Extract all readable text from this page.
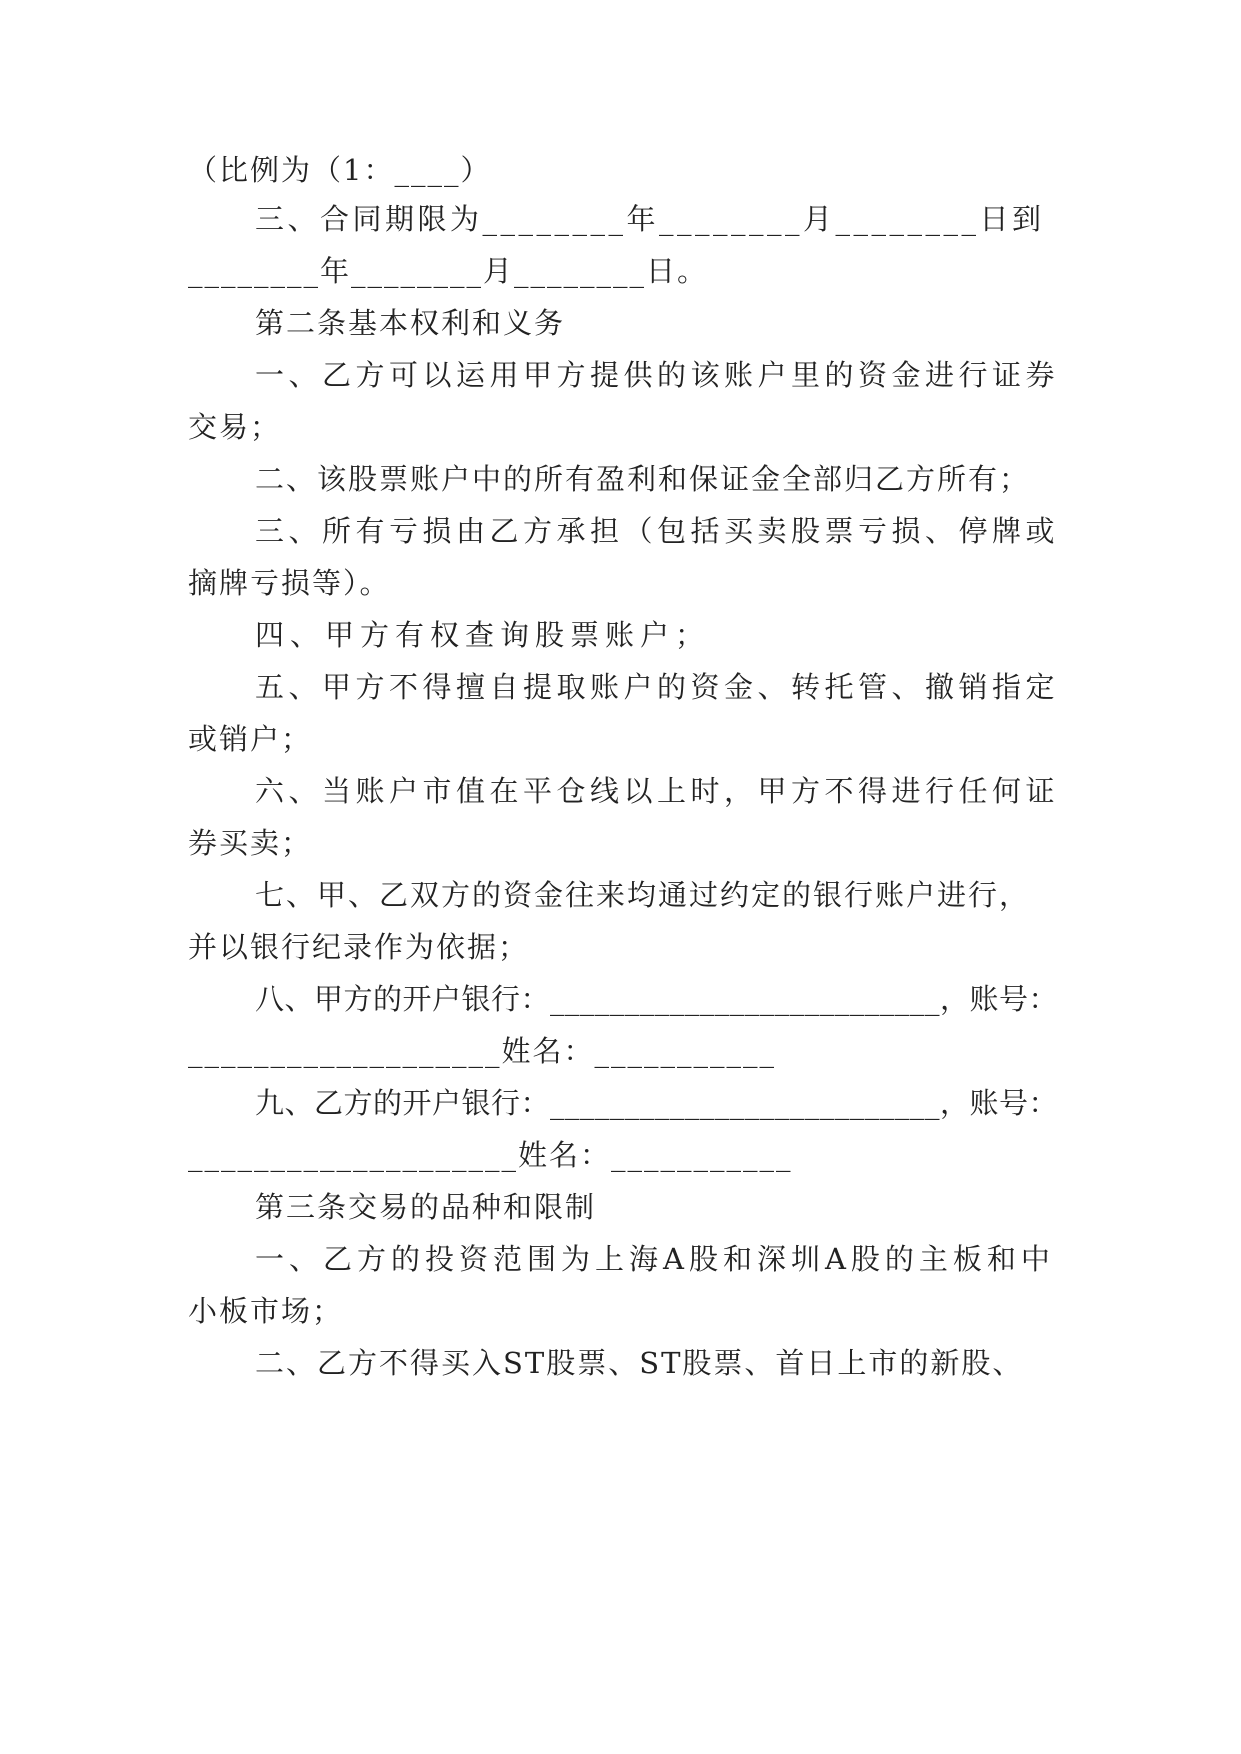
（比例为（1：____）
三、合同期限为________年________月________日到
________年________月________日。
第二条基本权利和义务
一、乙方可以运用甲方提供的该账户里的资金进行证券
交易；
二、该股票账户中的所有盈利和保证金全部归乙方所有；
三、所有亏损由乙方承担（包括买卖股票亏损、停牌或
摘牌亏损等）。
四、甲方有权查询股票账户；
五、甲方不得擅自提取账户的资金、转托管、撤销指定
或销户；
六、当账户市值在平仓线以上时，甲方不得进行任何证
券买卖；
七、甲、乙双方的资金往来均通过约定的银行账户进行，
并以银行纪录作为依据；
八、甲方的开户银行：__________________________，账号：
___________________姓名：___________
九、乙方的开户银行：__________________________，账号：
____________________姓名：___________
第三条交易的品种和限制
一、乙方的投资范围为上海A股和深圳A股的主板和中
小板市场；
二、乙方不得买入ST股票、ST股票、首日上市的新股、
